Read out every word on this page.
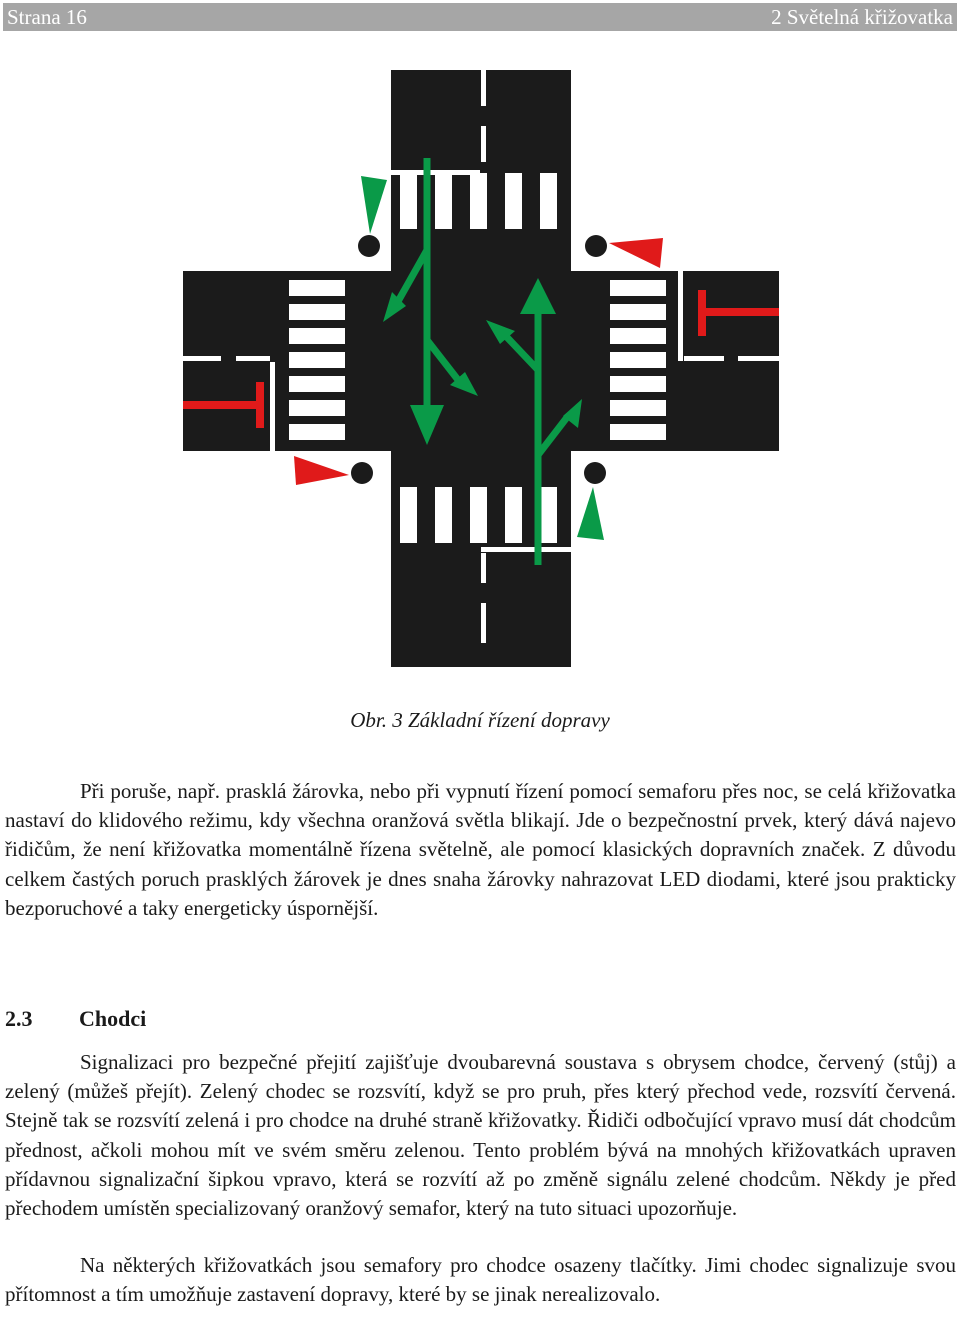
Strana 16	2 Světelná křižovatka
Obr. 3 Základní řízení dopravy

Při poruše, např. prasklá žárovka, nebo při vypnutí řízení pomocí semaforu přes noc, se celá křižovatka nastaví do klidového režimu, kdy všechna oranžová světla blikají. Jde o bezpečnostní prvek, který dává najevo řidičům, že není křižovatka momentálně řízena světelně, ale pomocí klasických dopravních značek. Z důvodu celkem častých poruch prasklých žárovek je dnes snaha žárovky nahrazovat LED diodami, které jsou prakticky bezporuchové a taky energeticky úspornější.

2.3 Chodci

Signalizaci pro bezpečné přejití zajišťuje dvoubarevná soustava s obrysem chodce, červený (stůj) a zelený (můžeš přejít). Zelený chodec se rozsvítí, když se pro pruh, přes který přechod vede, rozsvítí červená. Stejně tak se rozsvítí zelená i pro chodce na druhé straně křižovatky. Řidiči odbočující vpravo musí dát chodcům přednost, ačkoli mohou mít ve svém směru zelenou. Tento problém bývá na mnohých křižovatkách upraven přídavnou signalizační šipkou vpravo, která se rozvítí až po změně signálu zelené chodcům. Někdy je před přechodem umístěn specializovaný oranžový semafor, který na tuto situaci upozorňuje.

Na některých křižovatkách jsou semafory pro chodce osazeny tlačítky. Jimi chodec signalizuje svou přítomnost a tím umožňuje zastavení dopravy, které by se jinak nerealizovalo.
